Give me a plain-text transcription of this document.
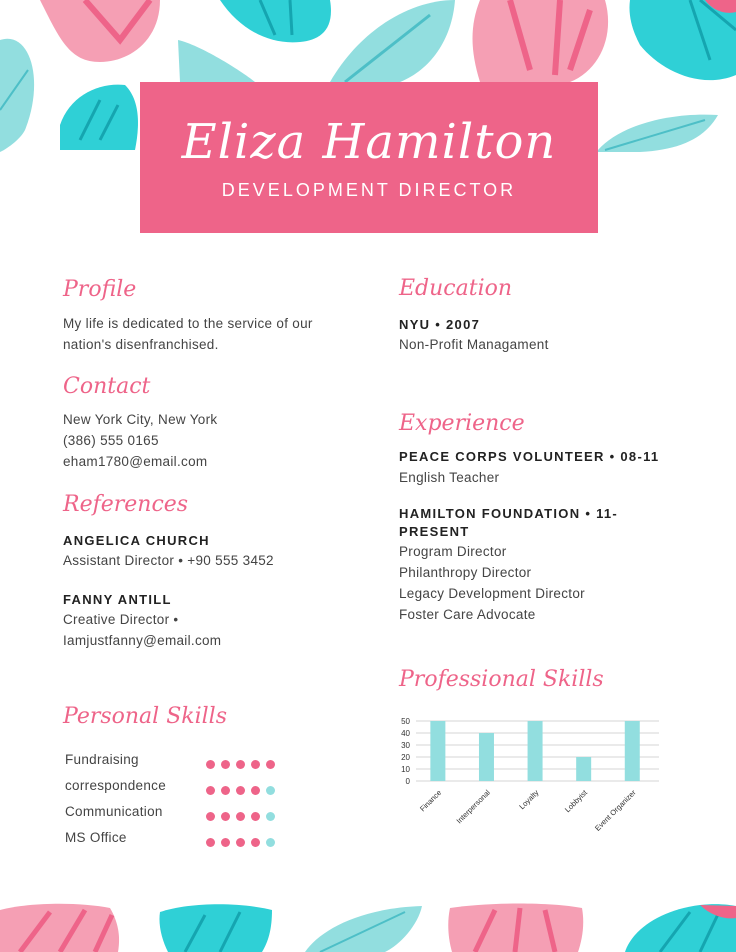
Eliza Hamilton
DEVELOPMENT DIRECTOR
Profile
My life is dedicated to the service of our
nation's disenfranchised.
Contact
New York City, New York
(386) 555 0165
eham1780@email.com
References
ANGELICA CHURCH
Assistant Director • +90 555 3452
FANNY ANTILL
Creative Director •
Iamjustfanny@email.com
Personal Skills
Fundraising
correspondence
Communication
MS Office
Education
NYU • 2007
Non-Profit Managament
Experience
PEACE CORPS VOLUNTEER • 08-11
English Teacher
HAMILTON FOUNDATION • 11-
PRESENT
Program Director
Philanthropy Director
Legacy Development Director
Foster Care Advocate
Professional Skills
0
10
20
30
40
50
Finance Interpersonal	Loyalty	Lobbyist Event Organizer
